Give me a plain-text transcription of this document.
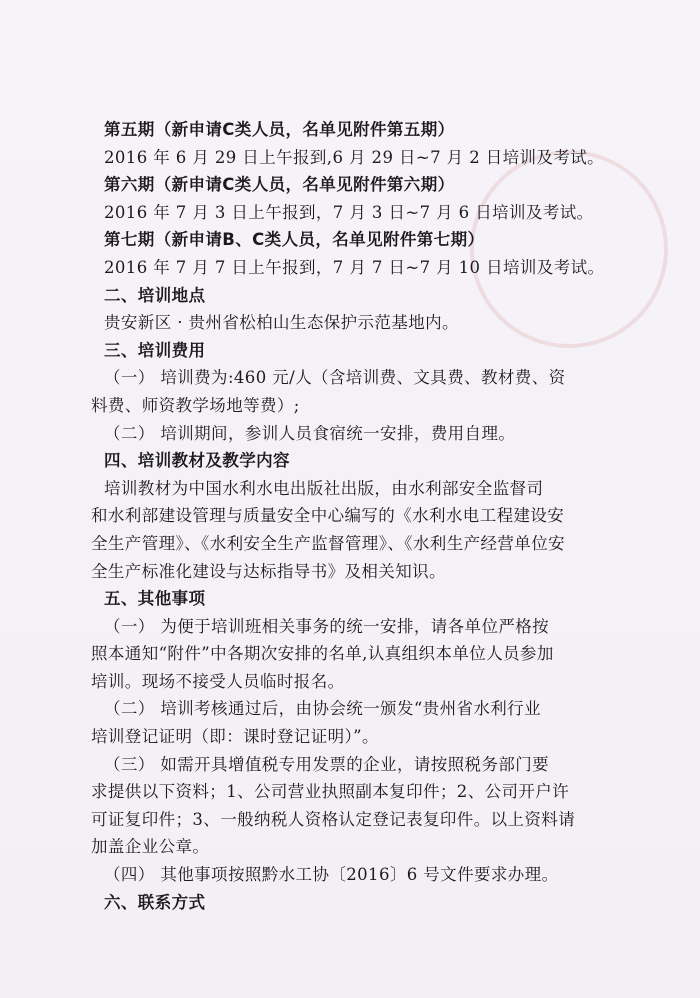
第五期（新申请C类人员，名单见附件第五期）
2016 年 6 月 29 日上午报到,6 月 29 日~7 月 2 日培训及考试。
第六期（新申请C类人员，名单见附件第六期）
2016 年 7 月 3 日上午报到，7 月 3 日~7 月 6 日培训及考试。
第七期（新申请B、C类人员，名单见附件第七期）
2016 年 7 月 7 日上午报到，7 月 7 日~7 月 10 日培训及考试。
二、培训地点
贵安新区 · 贵州省松柏山生态保护示范基地内。
三、培训费用
（一） 培训费为:460 元/人（含培训费、文具费、教材费、资
料费、师资教学场地等费）;
（二） 培训期间，参训人员食宿统一安排，费用自理。
四、培训教材及教学内容
培训教材为中国水利水电出版社出版，由水利部安全监督司
和水利部建设管理与质量安全中心编写的《水利水电工程建设安
全生产管理》、《水利安全生产监督管理》、《水利生产经营单位安
全生产标准化建设与达标指导书》及相关知识。
五、其他事项
（一） 为便于培训班相关事务的统一安排，请各单位严格按
照本通知“附件”中各期次安排的名单,认真组织本单位人员参加
培训。现场不接受人员临时报名。
（二） 培训考核通过后，由协会统一颁发“贵州省水利行业
培训登记证明（即：课时登记证明）”。
（三） 如需开具增值税专用发票的企业，请按照税务部门要
求提供以下资料；1、公司营业执照副本复印件；2、公司开户许
可证复印件；3、一般纳税人资格认定登记表复印件。以上资料请
加盖企业公章。
（四） 其他事项按照黔水工协〔2016〕6 号文件要求办理。
六、联系方式
